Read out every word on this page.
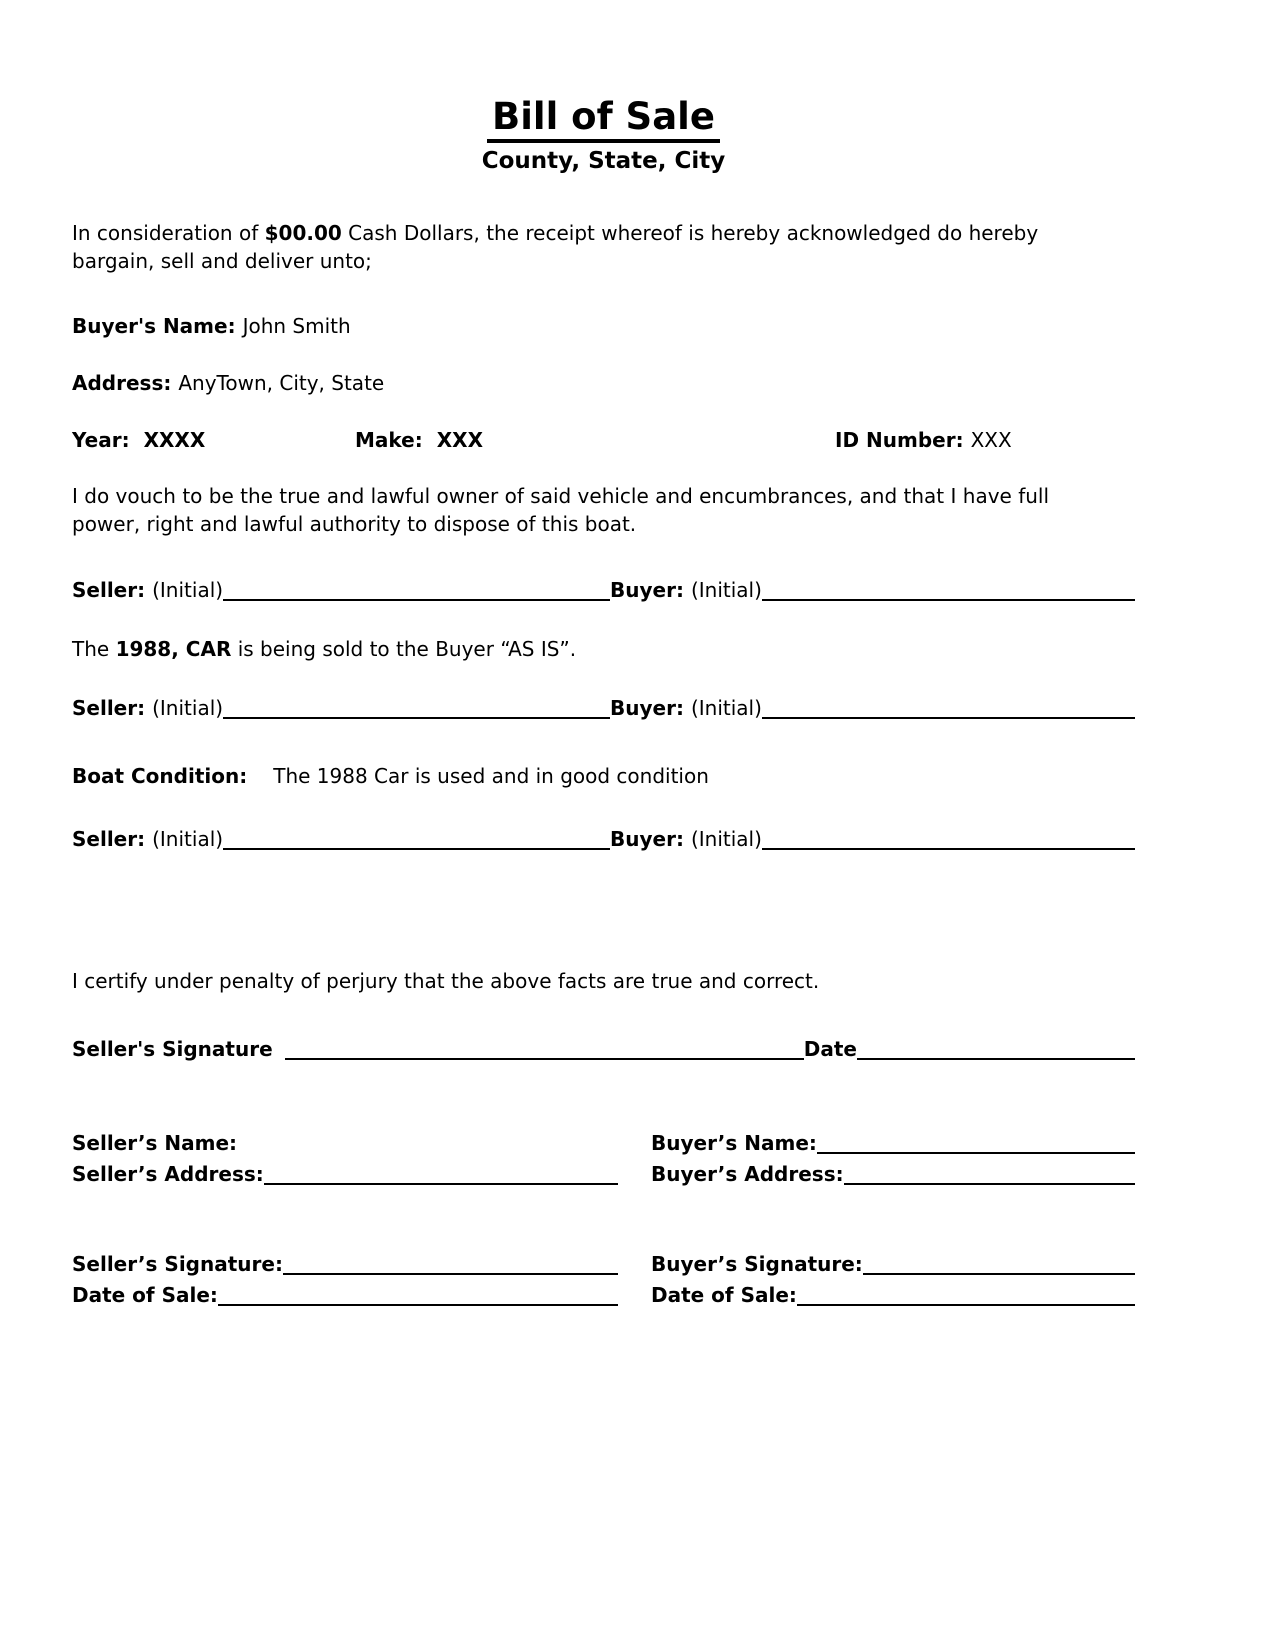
Bill of Sale
County, State, City
In consideration of $00.00 Cash Dollars, the receipt whereof is hereby acknowledged do hereby
bargain, sell and deliver unto;
Buyer's Name: John Smith
Address: AnyTown, City, State
Year: XXXX	Make: XXX	ID Number: XXX
I do vouch to be the true and lawful owner of said vehicle and encumbrances, and that I have full
power, right and lawful authority to dispose of this boat.
Seller: (Initial)	Buyer: (Initial)
The 1988, CAR is being sold to the Buyer “AS IS”.
Seller: (Initial)	Buyer: (Initial)
Boat Condition: The 1988 Car is used and in good condition
Seller: (Initial)	Buyer: (Initial)
I certify under penalty of perjury that the above facts are true and correct.
Seller's Signature	Date
Seller’s Name:
Seller’s Address:
Seller’s Signature:
Date of Sale:
Buyer’s Name:
Buyer’s Address:
Buyer’s Signature:
Date of Sale:
